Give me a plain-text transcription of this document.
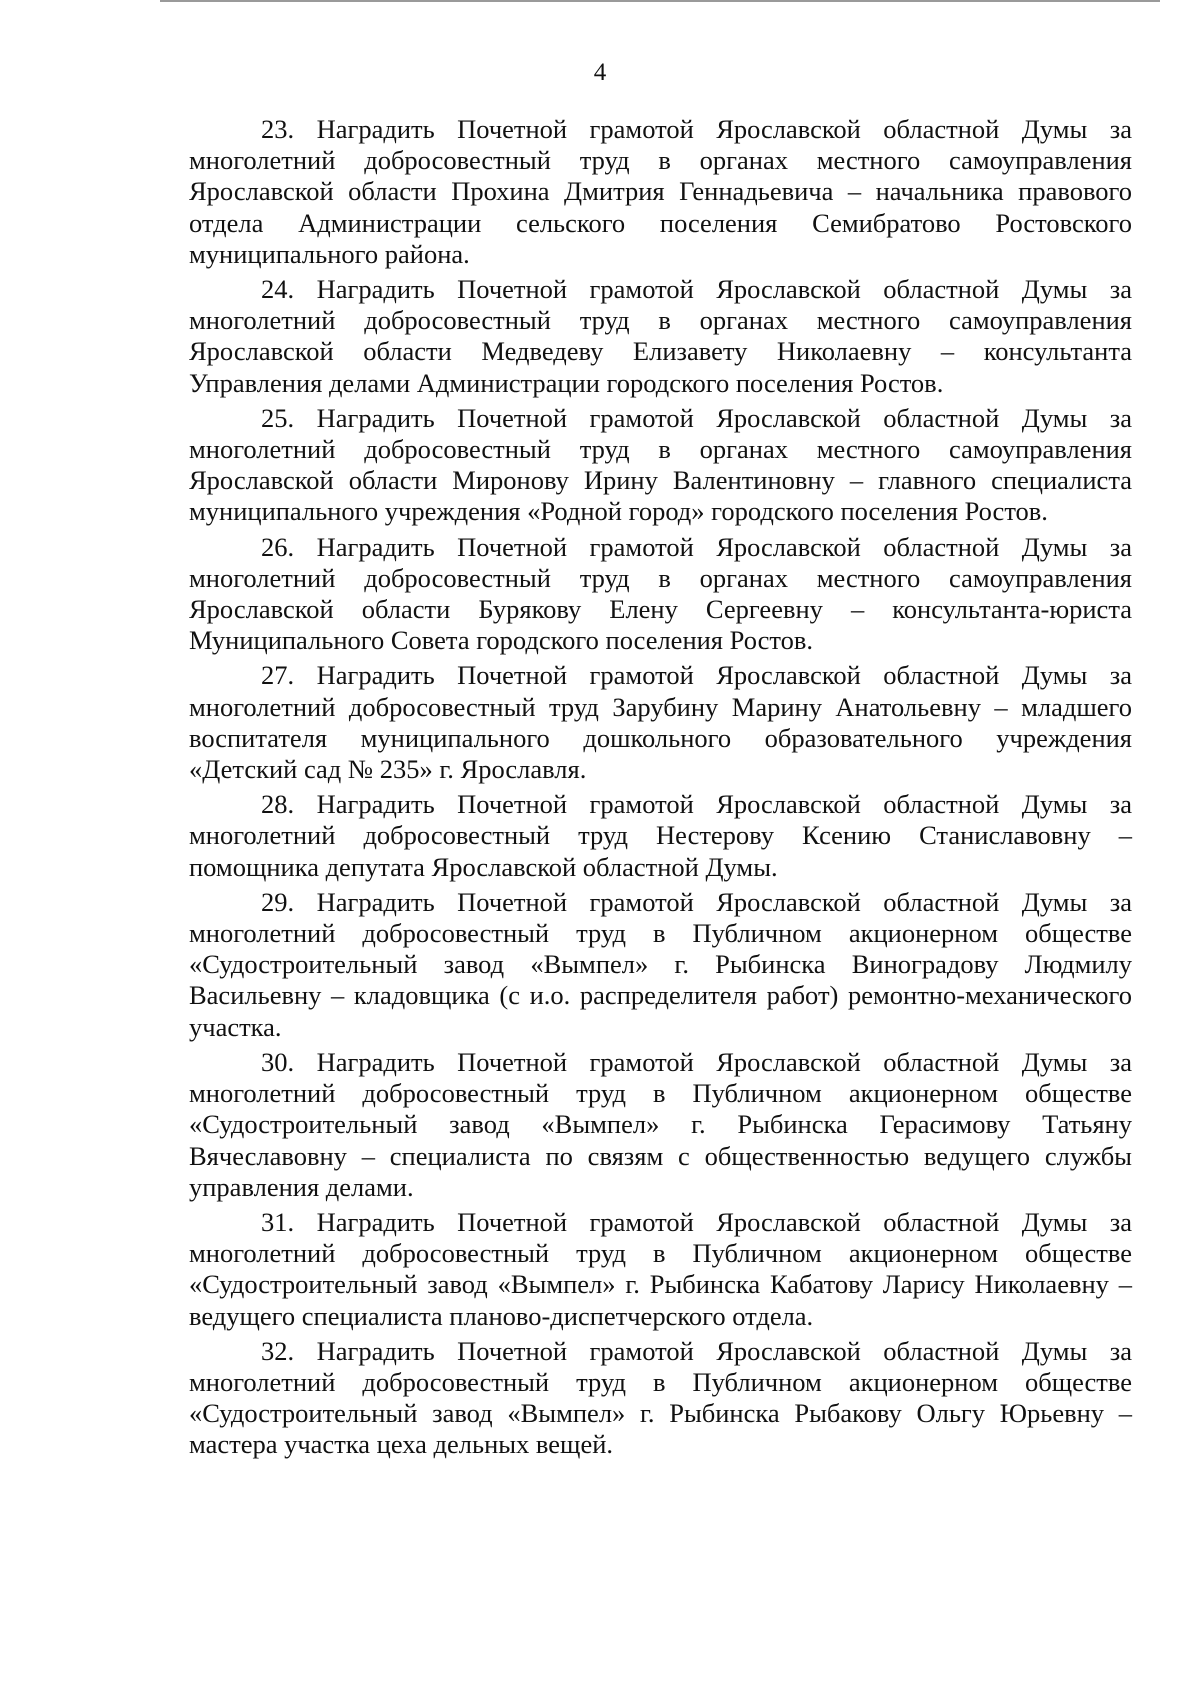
4

23. Наградить Почетной грамотой Ярославской областной Думы за многолетний добросовестный труд в органах местного самоуправления Ярославской области Прохина Дмитрия Геннадьевича – начальника правового отдела Администрации сельского поселения Семибратово Ростовского муниципального района.

24. Наградить Почетной грамотой Ярославской областной Думы за многолетний добросовестный труд в органах местного самоуправления Ярославской области Медведеву Елизавету Николаевну – консультанта Управления делами Администрации городского поселения Ростов.

25. Наградить Почетной грамотой Ярославской областной Думы за многолетний добросовестный труд в органах местного самоуправления Ярославской области Миронову Ирину Валентиновну – главного специалиста муниципального учреждения «Родной город» городского поселения Ростов.

26. Наградить Почетной грамотой Ярославской областной Думы за многолетний добросовестный труд в органах местного самоуправления Ярославской области Бурякову Елену Сергеевну – консультанта-юриста Муниципального Совета городского поселения Ростов.

27. Наградить Почетной грамотой Ярославской областной Думы за многолетний добросовестный труд Зарубину Марину Анатольевну – младшего воспитателя муниципального дошкольного образовательного учреждения «Детский сад № 235» г. Ярославля.

28. Наградить Почетной грамотой Ярославской областной Думы за многолетний добросовестный труд Нестерову Ксению Станиславовну – помощника депутата Ярославской областной Думы.

29. Наградить Почетной грамотой Ярославской областной Думы за многолетний добросовестный труд в Публичном акционерном обществе «Судостроительный завод «Вымпел» г. Рыбинска Виноградову Людмилу Васильевну – кладовщика (с и.о. распределителя работ) ремонтно-механического участка.

30. Наградить Почетной грамотой Ярославской областной Думы за многолетний добросовестный труд в Публичном акционерном обществе «Судостроительный завод «Вымпел» г. Рыбинска Герасимову Татьяну Вячеславовну – специалиста по связям с общественностью ведущего службы управления делами.

31. Наградить Почетной грамотой Ярославской областной Думы за многолетний добросовестный труд в Публичном акционерном обществе «Судостроительный завод «Вымпел» г. Рыбинска Кабатову Ларису Николаевну – ведущего специалиста планово-диспетчерского отдела.

32. Наградить Почетной грамотой Ярославской областной Думы за многолетний добросовестный труд в Публичном акционерном обществе «Судостроительный завод «Вымпел» г. Рыбинска Рыбакову Ольгу Юрьевну – мастера участка цеха дельных вещей.
